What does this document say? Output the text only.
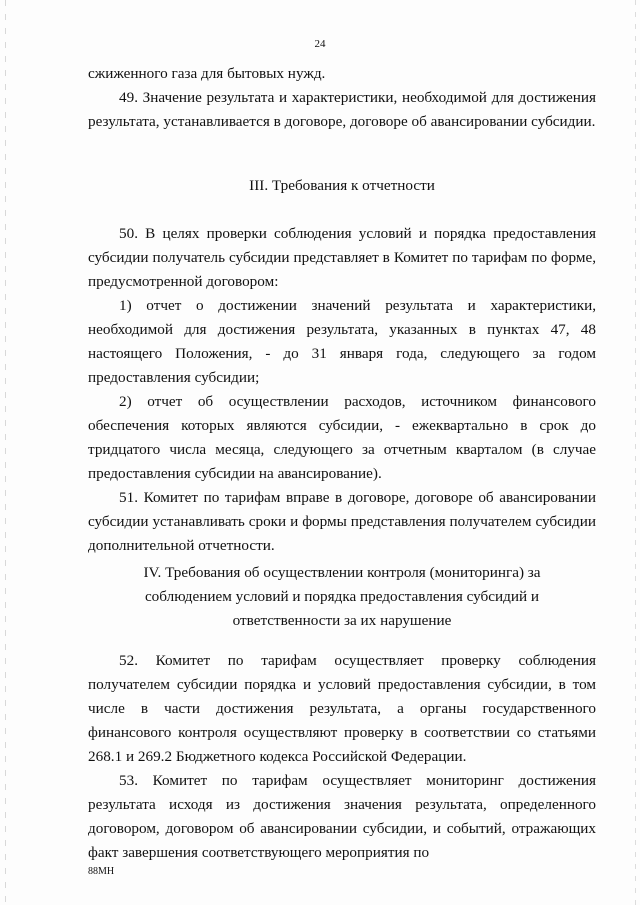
24

сжиженного газа для бытовых нужд.

49. Значение результата и характеристики, необходимой для достижения результата, устанавливается в договоре, договоре об авансировании субсидии.

III. Требования к отчетности

50. В целях проверки соблюдения условий и порядка предоставления субсидии получатель субсидии представляет в Комитет по тарифам по форме, предусмотренной договором:

1) отчет о достижении значений результата и характеристики, необходимой для достижения результата, указанных в пунктах 47, 48 настоящего Положения, - до 31 января года, следующего за годом предоставления субсидии;

2) отчет об осуществлении расходов, источником финансового обеспечения которых являются субсидии, - ежеквартально в срок до тридцатого числа месяца, следующего за отчетным кварталом (в случае предоставления субсидии на авансирование).

51. Комитет по тарифам вправе в договоре, договоре об авансировании субсидии устанавливать сроки и формы представления получателем субсидии дополнительной отчетности.

IV. Требования об осуществлении контроля (мониторинга) за

соблюдением условий и порядка предоставления субсидий и

ответственности за их нарушение

52. Комитет по тарифам осуществляет проверку соблюдения получателем субсидии порядка и условий предоставления субсидии, в том числе в части достижения результата, а органы государственного финансового контроля осуществляют проверку в соответствии со статьями 268.1 и 269.2 Бюджетного кодекса Российской Федерации.

53. Комитет по тарифам осуществляет мониторинг достижения результата исходя из достижения значения результата, определенного договором, договором об авансировании субсидии, и событий, отражающих факт завершения соответствующего мероприятия по

88МН
